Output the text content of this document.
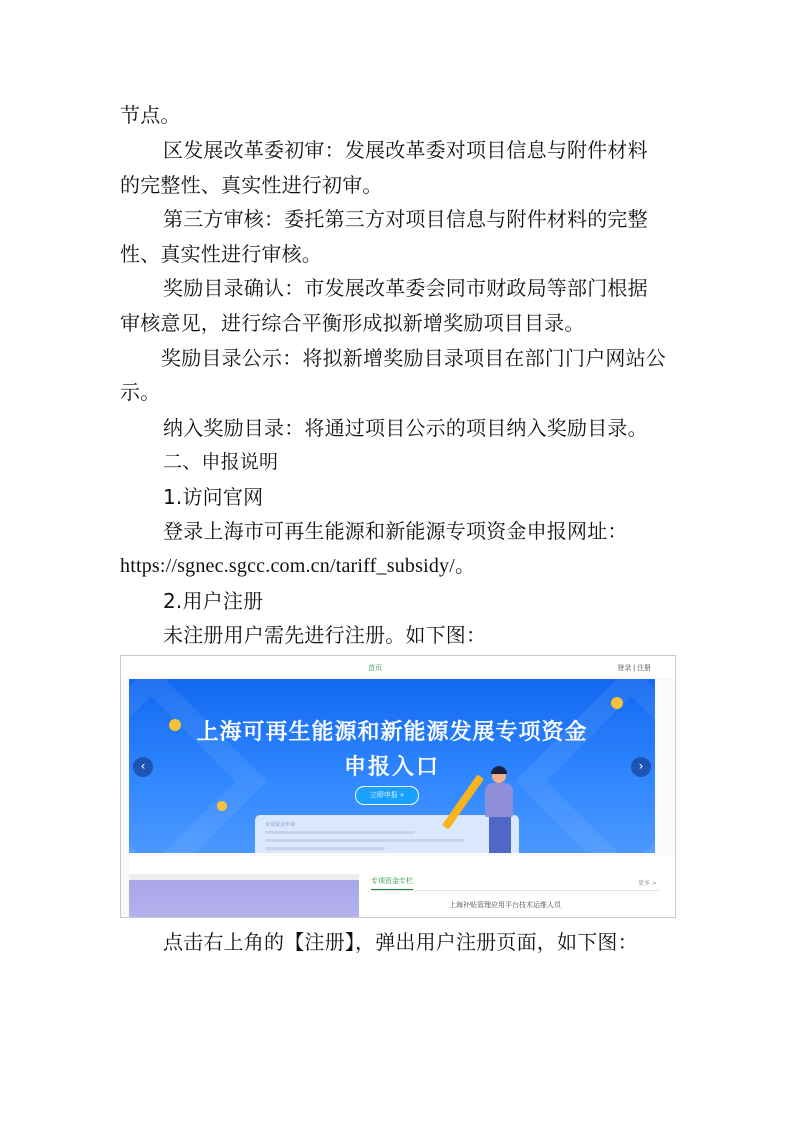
节点。
区发展改革委初审：发展改革委对项目信息与附件材料
的完整性、真实性进行初审。
第三方审核：委托第三方对项目信息与附件材料的完整
性、真实性进行审核。
奖励目录确认：市发展改革委会同市财政局等部门根据
审核意见，进行综合平衡形成拟新增奖励项目目录。
奖励目录公示：将拟新增奖励目录项目在部门门户网站公
示。
纳入奖励目录：将通过项目公示的项目纳入奖励目录。
二、申报说明
1.访问官网
登录上海市可再生能源和新能源专项资金申报网址：
https://sgnec.sgcc.com.cn/tariff_subsidy/。
2.用户注册
未注册用户需先进行注册。如下图：
首页	登录 | 注册
上海可再生能源和新能源发展专项资金
申报入口
立即申报 »
专项资金申请
‹	›
专项资金专栏	更多 >
上海补贴管理应用平台技术运维人员
点击右上角的【注册】，弹出用户注册页面，如下图：
